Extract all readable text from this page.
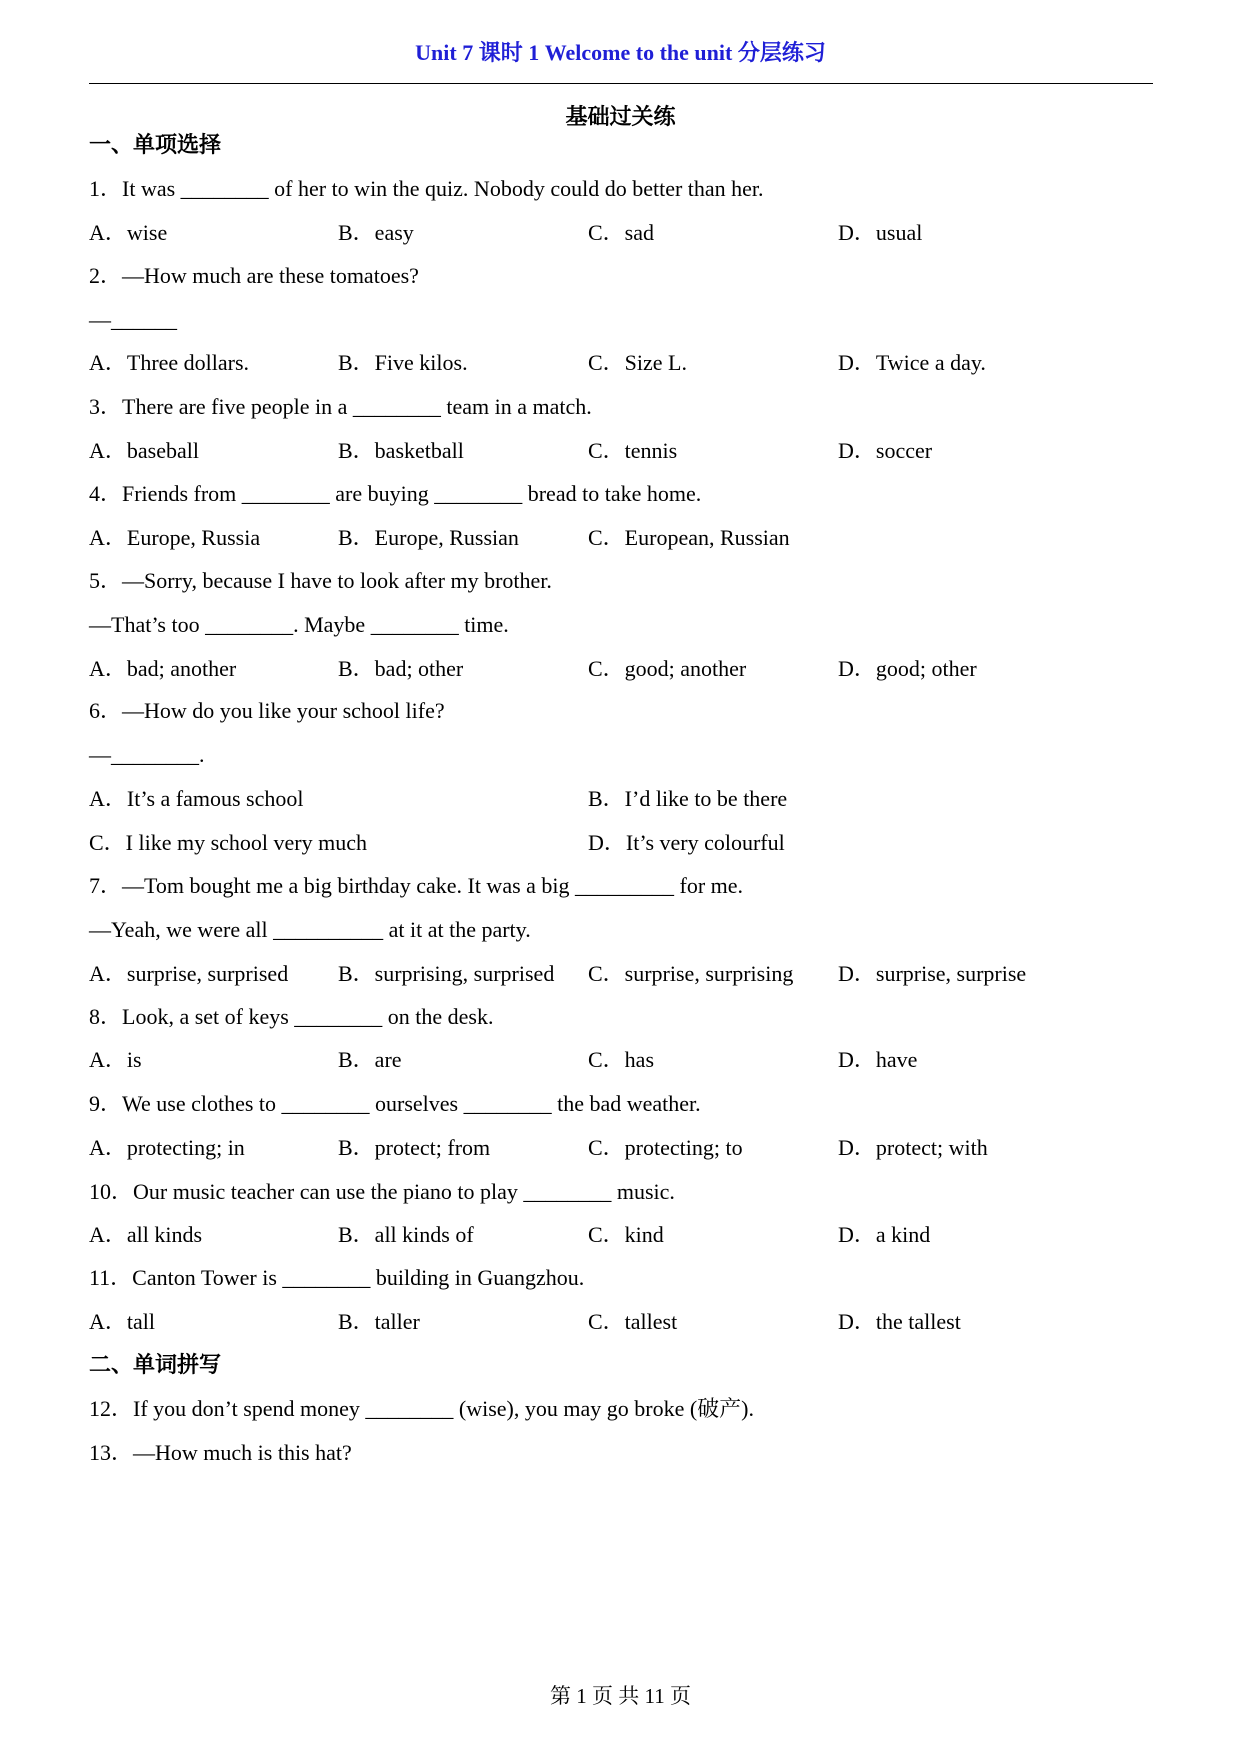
Unit 7 课时 1 Welcome to the unit 分层练习
基础过关练
一、单项选择
1．It was ________ of her to win the quiz. Nobody could do better than her.
A．wise	B．easy	C．sad	D．usual
2．—How much are these tomatoes?
—______
A．Three dollars.	B．Five kilos.	C．Size L.	D．Twice a day.
3．There are five people in a ________ team in a match.
A．baseball	B．basketball	C．tennis	D．soccer
4．Friends from ________ are buying ________ bread to take home.
A．Europe, Russia	B．Europe, Russian	C．European, Russian
5．—Sorry, because I have to look after my brother.
—That’s too ________. Maybe ________ time.
A．bad; another	B．bad; other	C．good; another	D．good; other
6．—How do you like your school life?
—________.
A．It’s a famous school	B．I’d like to be there
C．I like my school very much	D．It’s very colourful
7．—Tom bought me a big birthday cake. It was a big _________ for me.
—Yeah, we were all __________ at it at the party.
A．surprise, surprised B．surprising, surprised C．surprise, surprising D．surprise, surprise
8．Look, a set of keys ________ on the desk.
A．is	B．are	C．has	D．have
9．We use clothes to ________ ourselves ________ the bad weather.
A．protecting; in	B．protect; from	C．protecting; to	D．protect; with
10．Our music teacher can use the piano to play ________ music.
A．all kinds	B．all kinds of	C．kind	D．a kind
11．Canton Tower is ________ building in Guangzhou.
A．tall	B．taller	C．tallest	D．the tallest
二、单词拼写
12．If you don’t spend money ________ (wise), you may go broke (破产).
13．—How much is this hat?
第 1 页 共 11 页
